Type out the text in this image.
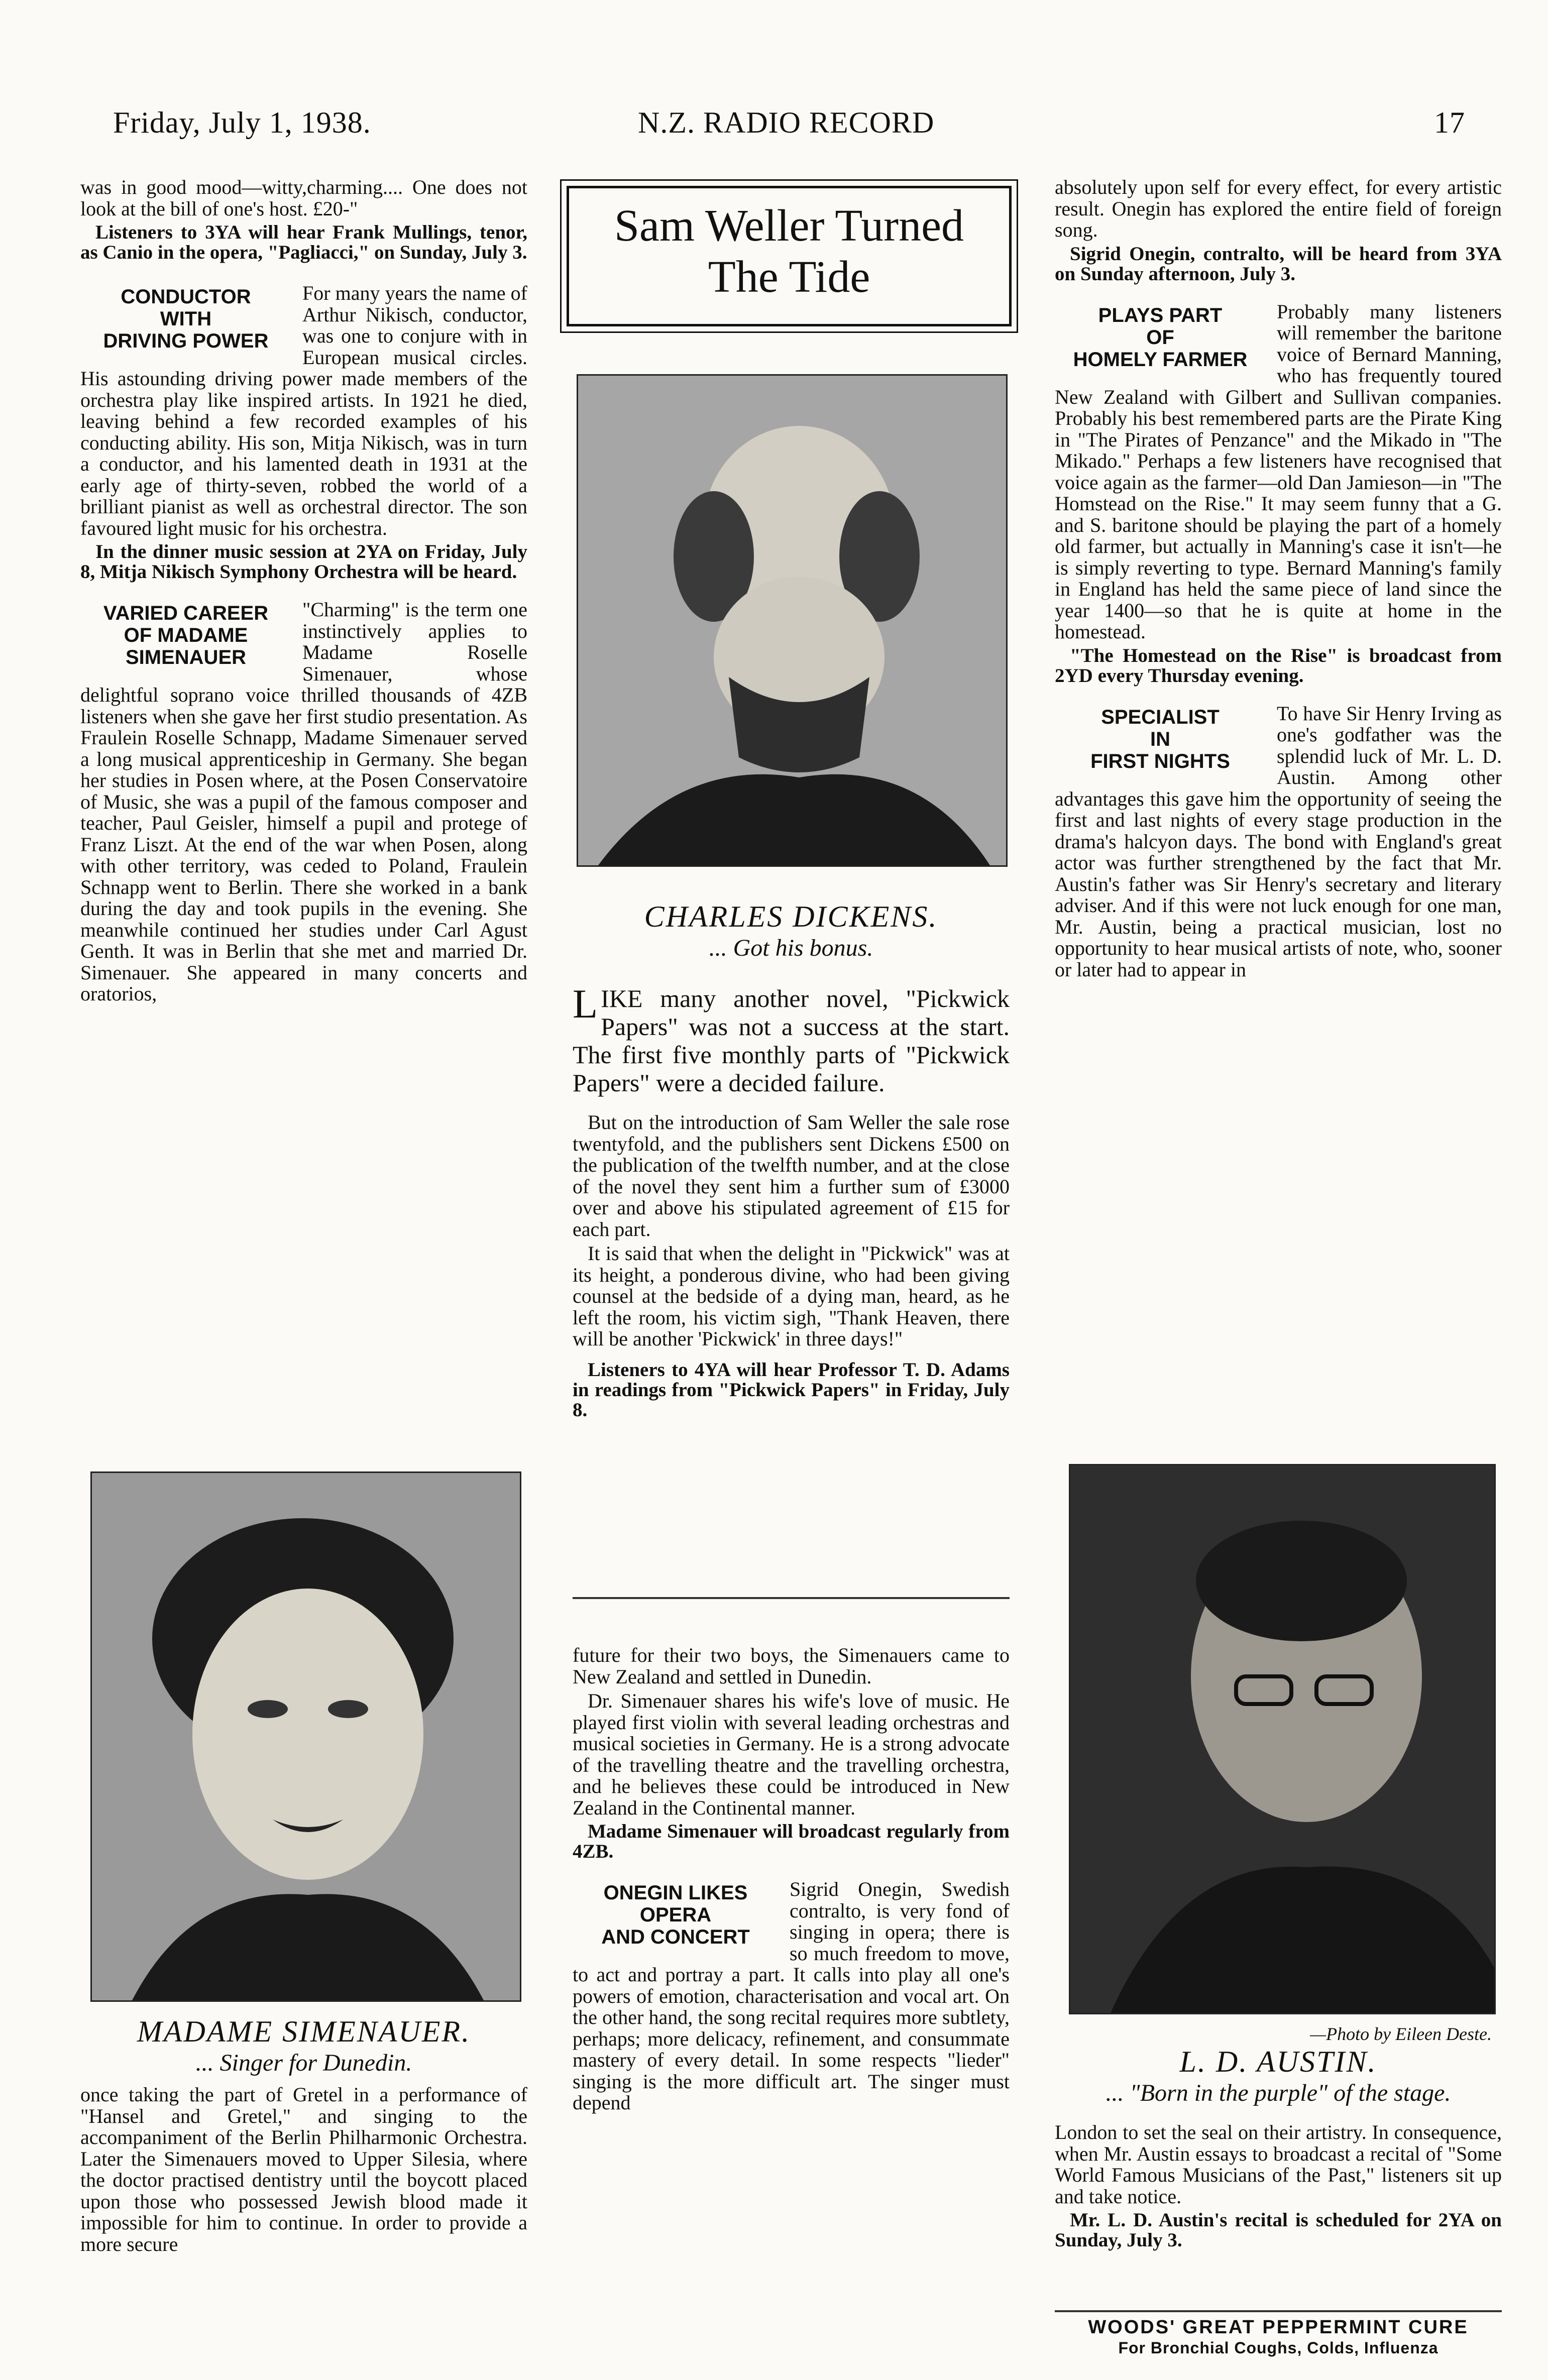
Friday, July 1, 1938.	N.Z. RADIO RECORD	17

was in good mood—witty,charming.... One does not look at the bill of one's host. £20-"

Listeners to 3YA will hear Frank Mullings, tenor, as Canio in the opera, "Pagliacci," on Sunday, July 3.

CONDUCTOR
WITH
DRIVING POWER

For many years the name of Arthur Nikisch, conductor, was one to conjure with in European musical circles. His astounding driving power made members of the orchestra play like inspired artists. In 1921 he died, leaving behind a few recorded examples of his conducting ability. His son, Mitja Nikisch, was in turn a conductor, and his lamented death in 1931 at the early age of thirty-seven, robbed the world of a brilliant pianist as well as orchestral director. The son favoured light music for his orchestra.

In the dinner music session at 2YA on Friday, July 8, Mitja Nikisch Symphony Orchestra will be heard.

VARIED CAREER
OF MADAME
SIMENAUER

"Charming" is the term one instinctively applies to Madame Roselle Simenauer, whose delightful soprano voice thrilled thousands of 4ZB listeners when she gave her first studio presentation. As Fraulein Roselle Schnapp, Madame Simenauer served a long musical apprenticeship in Germany. She began her studies in Posen where, at the Posen Conservatoire of Music, she was a pupil of the famous composer and teacher, Paul Geisler, himself a pupil and protege of Franz Liszt. At the end of the war when Posen, along with other territory, was ceded to Poland, Fraulein Schnapp went to Berlin. There she worked in a bank during the day and took pupils in the evening. She meanwhile continued her studies under Carl Agust Genth. It was in Berlin that she met and married Dr. Simenauer. She appeared in many concerts and oratorios,

MADAME SIMENAUER.
... Singer for Dunedin.

once taking the part of Gretel in a performance of "Hansel and Gretel," and singing to the accompaniment of the Berlin Philharmonic Orchestra. Later the Simenauers moved to Upper Silesia, where the doctor practised dentistry until the boycott placed upon those who possessed Jewish blood made it impossible for him to continue. In order to provide a more secure

Sam Weller Turned The Tide
CHARLES DICKENS.
... Got his bonus.
LIKE many another novel, "Pickwick Papers" was not a success at the start. The first five monthly parts of "Pickwick Papers" were a decided failure.

But on the introduction of Sam Weller the sale rose twentyfold, and the publishers sent Dickens £500 on the publication of the twelfth number, and at the close of the novel they sent him a further sum of £3000 over and above his stipulated agreement of £15 for each part.

It is said that when the delight in "Pickwick" was at its height, a ponderous divine, who had been giving counsel at the bedside of a dying man, heard, as he left the room, his victim sigh, "Thank Heaven, there will be another 'Pickwick' in three days!"

Listeners to 4YA will hear Professor T. D. Adams in readings from "Pickwick Papers" in Friday, July 8.

future for their two boys, the Simenauers came to New Zealand and settled in Dunedin.

Dr. Simenauer shares his wife's love of music. He played first violin with several leading orchestras and musical societies in Germany. He is a strong advocate of the travelling theatre and the travelling orchestra, and he believes these could be introduced in New Zealand in the Continental manner.

Madame Simenauer will broadcast regularly from 4ZB.

ONEGIN LIKES
OPERA
AND CONCERT

Sigrid Onegin, Swedish contralto, is very fond of singing in opera; there is so much freedom to move, to act and portray a part. It calls into play all one's powers of emotion, characterisation and vocal art. On the other hand, the song recital requires more subtlety, perhaps; more delicacy, refinement, and consummate mastery of every detail. In some respects "lieder" singing is the more difficult art. The singer must depend

absolutely upon self for every effect, for every artistic result. Onegin has explored the entire field of foreign song.

Sigrid Onegin, contralto, will be heard from 3YA on Sunday afternoon, July 3.

PLAYS PART
OF
HOMELY FARMER

Probably many listeners will remember the baritone voice of Bernard Manning, who has frequently toured New Zealand with Gilbert and Sullivan companies. Probably his best remembered parts are the Pirate King in "The Pirates of Penzance" and the Mikado in "The Mikado." Perhaps a few listeners have recognised that voice again as the farmer—old Dan Jamieson—in "The Homstead on the Rise." It may seem funny that a G. and S. baritone should be playing the part of a homely old farmer, but actually in Manning's case it isn't—he is simply reverting to type. Bernard Manning's family in England has held the same piece of land since the year 1400—so that he is quite at home in the homestead.

"The Homestead on the Rise" is broadcast from 2YD every Thursday evening.

SPECIALIST
IN
FIRST NIGHTS

To have Sir Henry Irving as one's godfather was the splendid luck of Mr. L. D. Austin. Among other advantages this gave him the opportunity of seeing the first and last nights of every stage production in the drama's halcyon days. The bond with England's great actor was further strengthened by the fact that Mr. Austin's father was Sir Henry's secretary and literary adviser. And if this were not luck enough for one man, Mr. Austin, being a practical musician, lost no opportunity to hear musical artists of note, who, sooner or later had to appear in

—Photo by Eileen Deste.
L. D. AUSTIN.
... "Born in the purple" of the stage.

London to set the seal on their artistry. In consequence, when Mr. Austin essays to broadcast a recital of "Some World Famous Musicians of the Past," listeners sit up and take notice.

Mr. L. D. Austin's recital is scheduled for 2YA on Sunday, July 3.

WOODS' GREAT PEPPERMINT CURE
For Bronchial Coughs, Colds, Influenza
